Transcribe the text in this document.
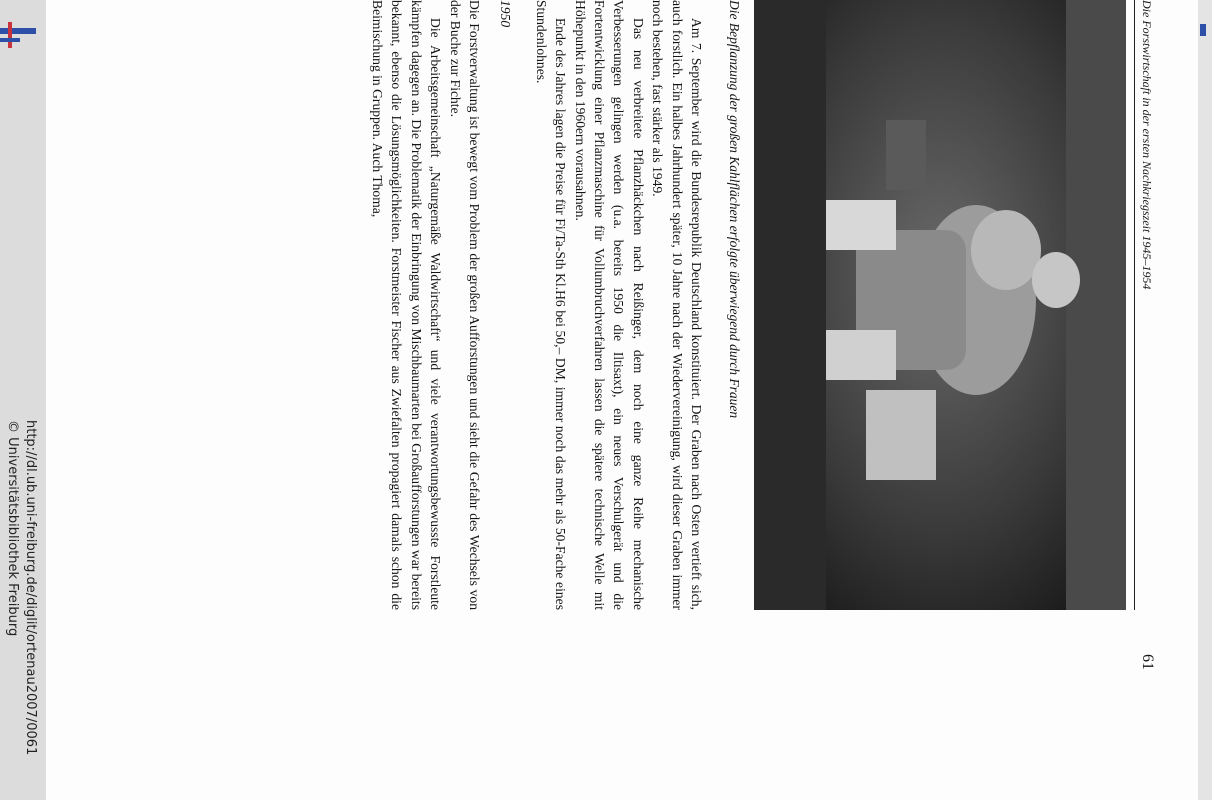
http://dl.ub.uni-freiburg.de/diglit/ortenau2007/0061
© Universitätsbibliothek Freiburg
Die Forstwirtschaft in der ersten Nachkriegszeit 1945–1954
61
Die Bepflanzung der großen Kahlflächen erfolgte überwiegend durch Frauen

Am 7. September wird die Bundesrepublik Deutschland konstituiert. Der Graben nach Osten vertieft sich, auch forstlich. Ein halbes Jahrhundert später, 10 Jahre nach der Wiedervereinigung, wird dieser Graben immer noch bestehen, fast stärker als 1949.

Das neu verbreitete Pflanzhäckchen nach Reißinger, dem noch eine ganze Reihe mechanische Verbesserungen gelingen werden (u.a. bereits 1950 die Iltisaxt), ein neues Verschulgerät und die Fortentwicklung einer Pflanzmaschine für Vollumbruchverfahren lassen die spätere technische Welle mit Höhepunkt in den 1960ern vorausahnen.

Ende des Jahres lagen die Preise für Fi/Ta-Sth Kl.H6 bei 50,– DM, immer noch das mehr als 50-Fache eines Stundenlohnes.

1950

Die Forstverwaltung ist bewegt vom Problem der großen Aufforstungen und sieht die Gefahr des Wechsels von der Buche zur Fichte.

Die Arbeitsgemeinschaft „Naturgemäße Waldwirtschaft“ und viele verantwortungsbewusste Forstleute kämpfen dagegen an. Die Problematik der Einbringung von Mischbaumarten bei Großaufforstungen war bereits bekannt, ebenso die Lösungsmöglichkeiten. Forstmeister Fischer aus Zwiefalten propagiert damals schon die Beimischung in Gruppen. Auch Thoma,
